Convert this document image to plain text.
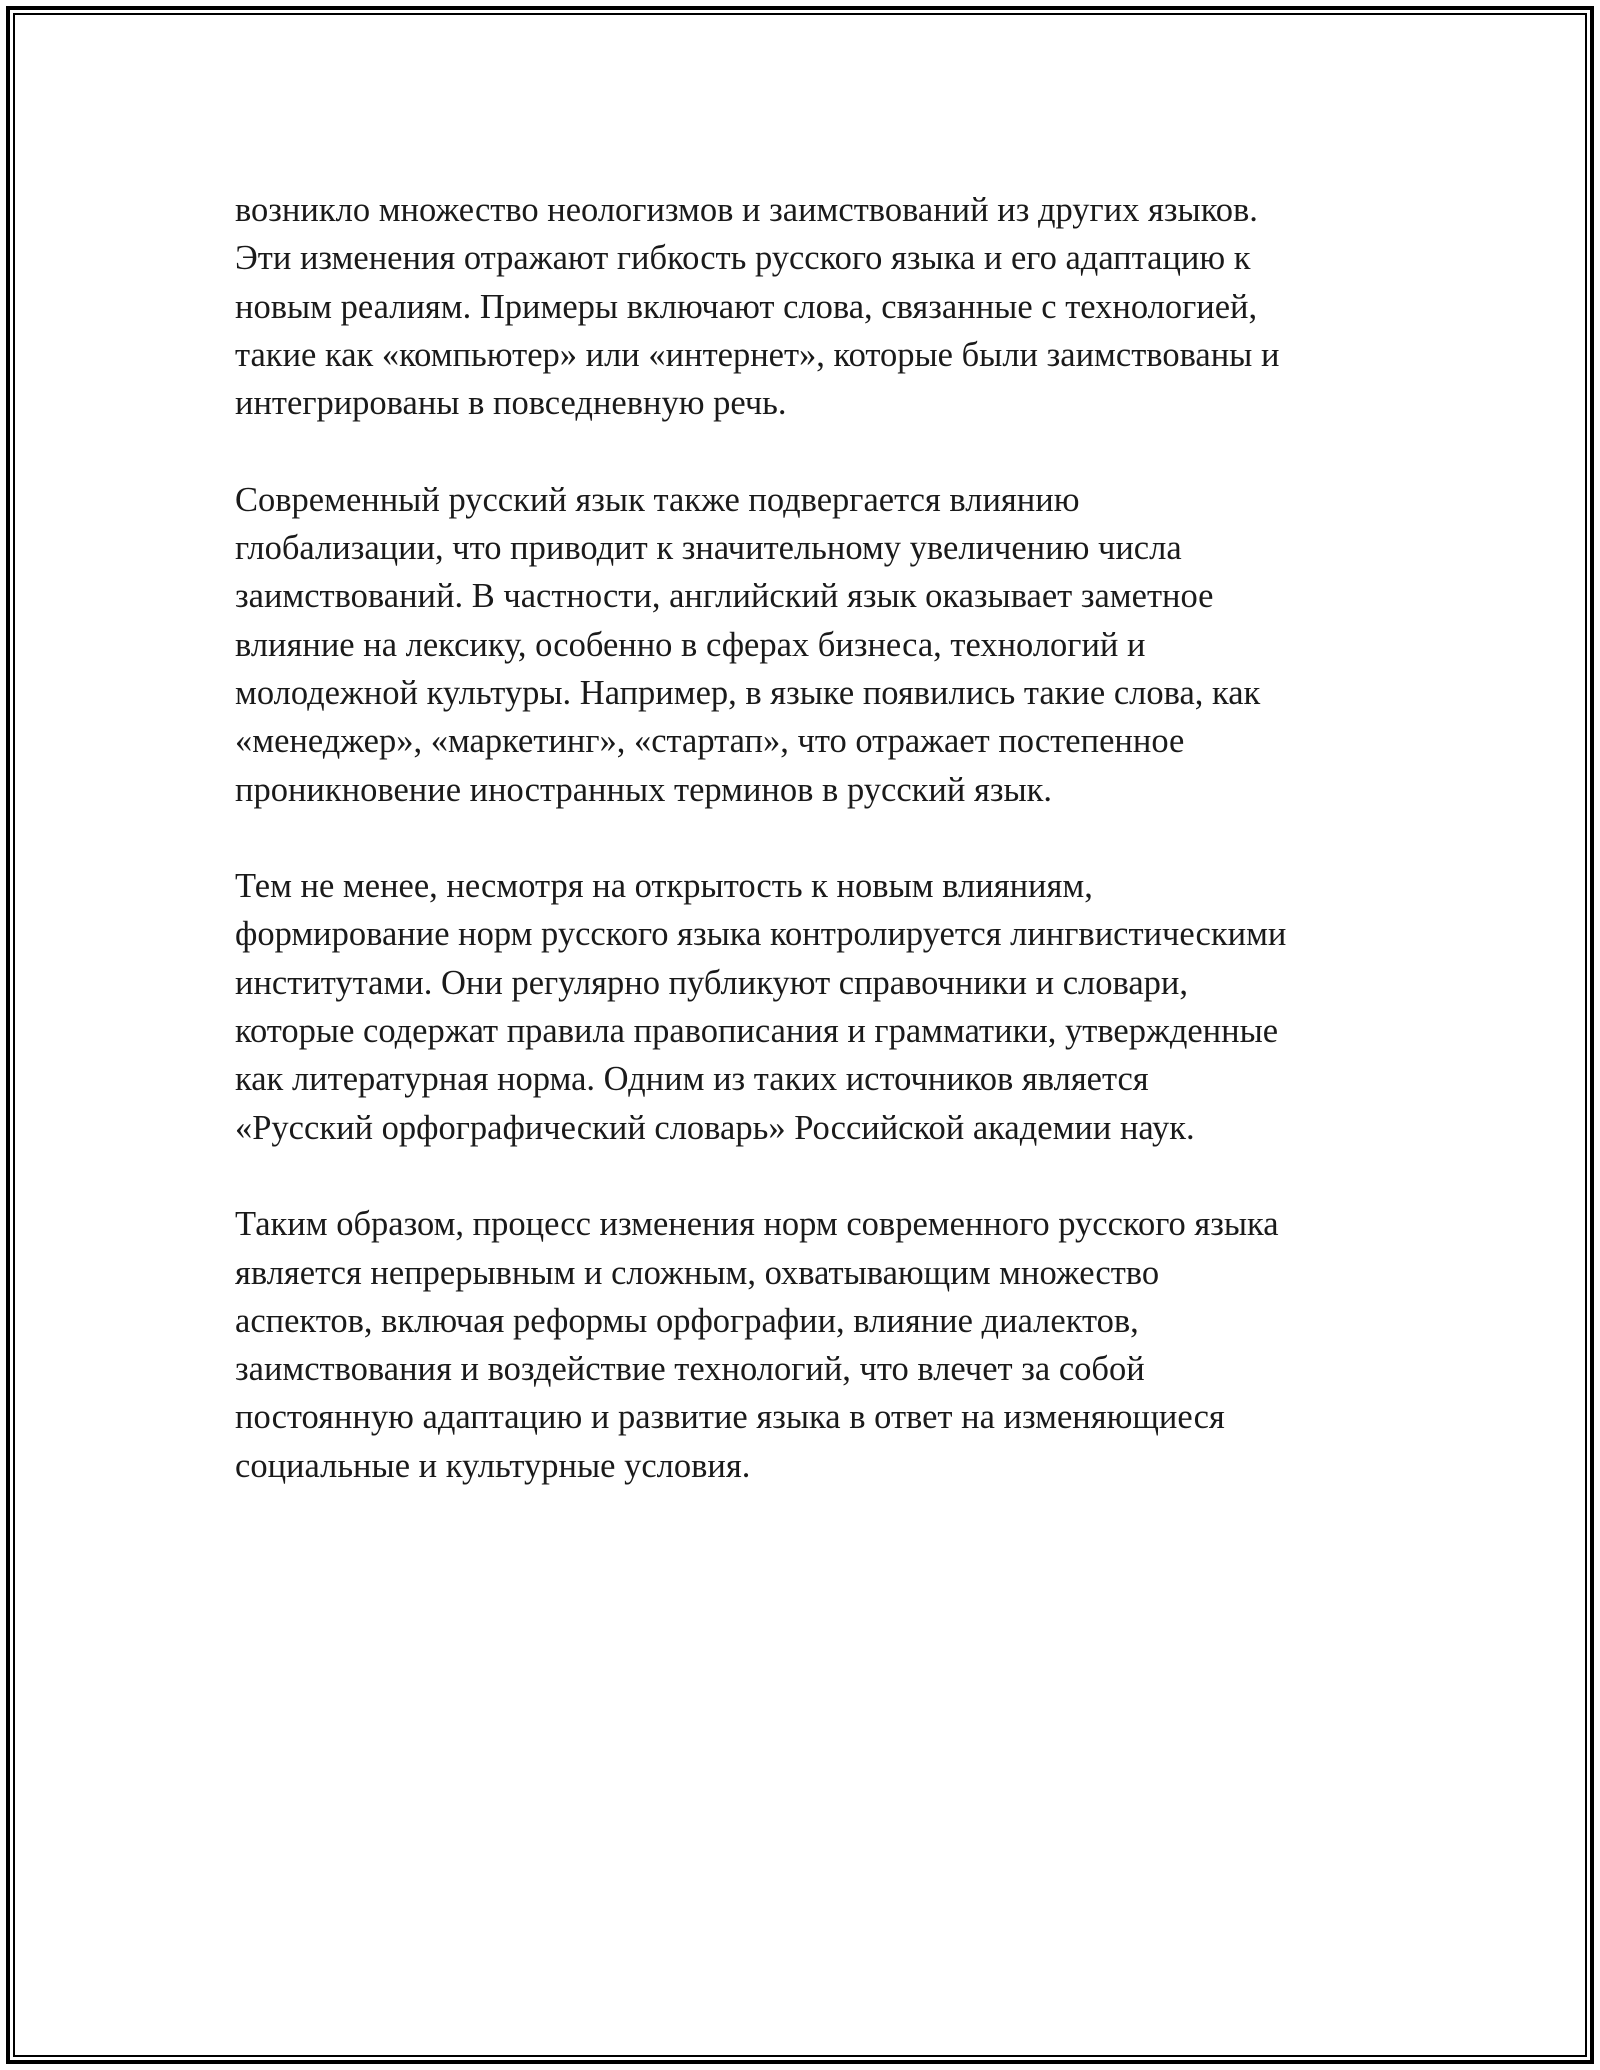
возникло множество неологизмов и заимствований из других языков.
Эти изменения отражают гибкость русского языка и его адаптацию к
новым реалиям. Примеры включают слова, связанные с технологией,
такие как «компьютер» или «интернет», которые были заимствованы и
интегрированы в повседневную речь.

Современный русский язык также подвергается влиянию
глобализации, что приводит к значительному увеличению числа
заимствований. В частности, английский язык оказывает заметное
влияние на лексику, особенно в сферах бизнеса, технологий и
молодежной культуры. Например, в языке появились такие слова, как
«менеджер», «маркетинг», «стартап», что отражает постепенное
проникновение иностранных терминов в русский язык.

Тем не менее, несмотря на открытость к новым влияниям,
формирование норм русского языка контролируется лингвистическими
институтами. Они регулярно публикуют справочники и словари,
которые содержат правила правописания и грамматики, утвержденные
как литературная норма. Одним из таких источников является
«Русский орфографический словарь» Российской академии наук.

Таким образом, процесс изменения норм современного русского языка
является непрерывным и сложным, охватывающим множество
аспектов, включая реформы орфографии, влияние диалектов,
заимствования и воздействие технологий, что влечет за собой
постоянную адаптацию и развитие языка в ответ на изменяющиеся
социальные и культурные условия.
